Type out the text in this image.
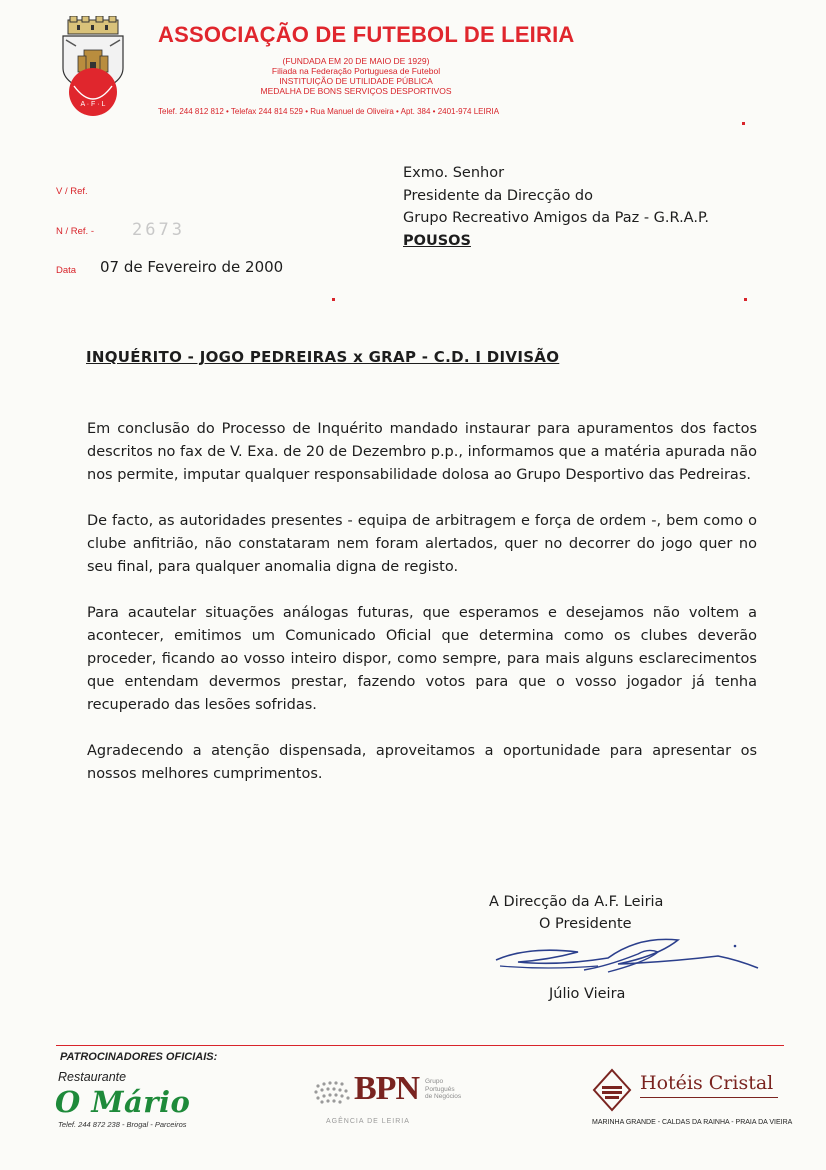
A · F · L
ASSOCIAÇÃO DE FUTEBOL DE LEIRIA
(FUNDADA EM 20 DE MAIO DE 1929)
Filiada na Federação Portuguesa de Futebol
INSTITUIÇÃO DE UTILIDADE PÚBLICA
MEDALHA DE BONS SERVIÇOS DESPORTIVOS
Telef. 244 812 812 • Telefax 244 814 529 • Rua Manuel de Oliveira • Apt. 384 • 2401-974 LEIRIA
V / Ref.
N / Ref. - 2673
Data 07 de Fevereiro de 2000
Exmo. Senhor
Presidente da Direcção do
Grupo Recreativo Amigos da Paz - G.R.A.P.
POUSOS
INQUÉRITO - JOGO PEDREIRAS x GRAP - C.D. I DIVISÃO

Em conclusão do Processo de Inquérito mandado instaurar para apuramentos dos factos descritos no fax de V. Exa. de 20 de Dezembro p.p., informamos que a matéria apurada não nos permite, imputar qualquer responsabilidade dolosa ao Grupo Desportivo das Pedreiras.

De facto, as autoridades presentes - equipa de arbitragem e força de ordem -, bem como o clube anfitrião, não constataram nem foram alertados, quer no decorrer do jogo quer no seu final, para qualquer anomalia digna de registo.

Para acautelar situações análogas futuras, que esperamos e desejamos não voltem a acontecer, emitimos um Comunicado Oficial que determina como os clubes deverão proceder, ficando ao vosso inteiro dispor, como sempre, para mais alguns esclarecimentos que entendam devermos prestar, fazendo votos para que o vosso jogador já tenha recuperado das lesões sofridas.

Agradecendo a atenção dispensada, aproveitamos a oportunidade para apresentar os nossos melhores cumprimentos.

A Direcção da A.F. Leiria
O Presidente
Júlio Vieira
PATROCINADORES OFICIAIS:
Restaurante
O Mário
Telef. 244 872 238 - Brogal - Parceiros
BPN Grupo
Português
de Negócios
AGÊNCIA DE LEIRIA
Hotéis Cristal
MARINHA GRANDE - CALDAS DA RAINHA - PRAIA DA VIEIRA
